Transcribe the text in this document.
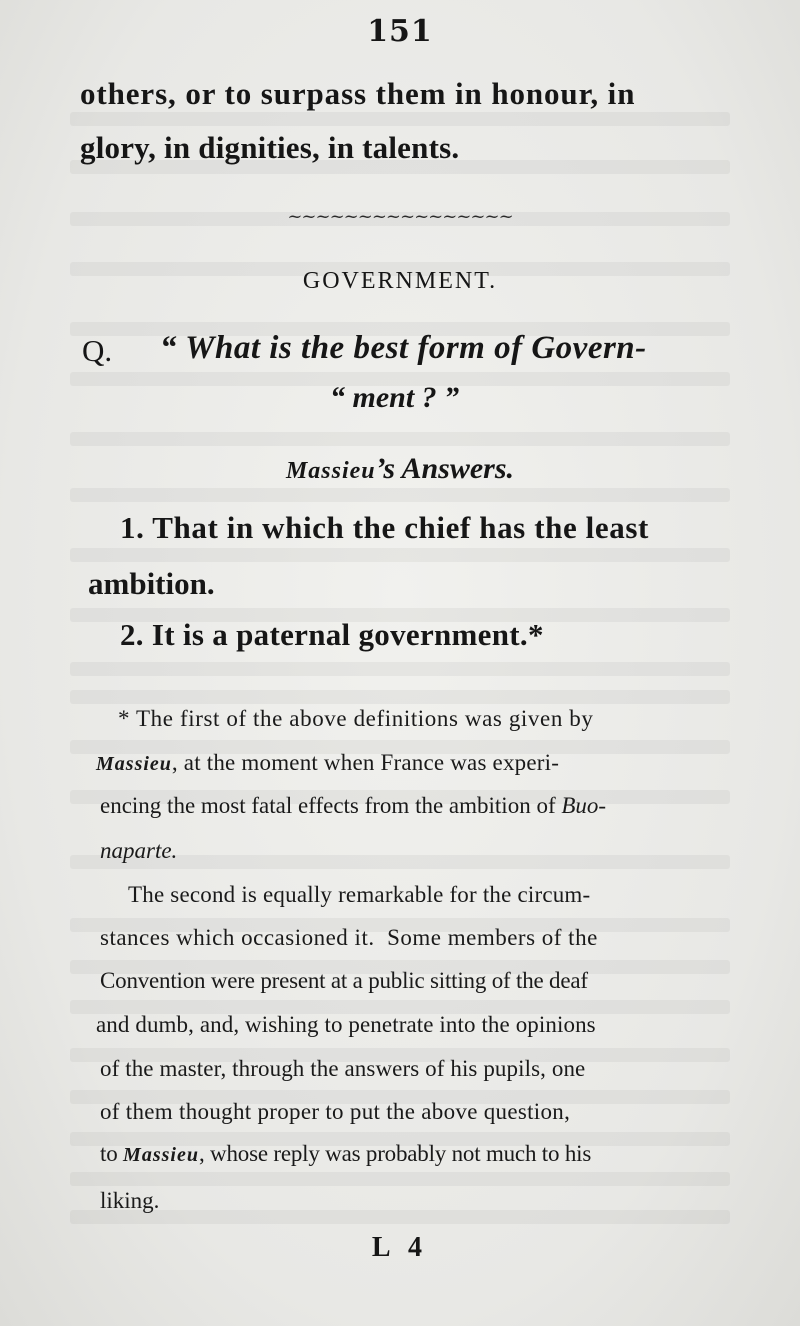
151
others, or to surpass them in honour, in
glory, in dignities, in talents.
~~~~~~~~~~~~~~~~
GOVERNMENT.
Q. “ What is the best form of Govern-
“ ment ? ”
Massieu’s Answers.
1. That in which the chief has the least
ambition.
2. It is a paternal government.*
* The first of the above definitions was given by
Massieu, at the moment when France was experi-
encing the most fatal effects from the ambition of Buo-
naparte.
The second is equally remarkable for the circum-
stances which occasioned it.  Some members of the
Convention were present at a public sitting of the deaf
and dumb, and, wishing to penetrate into the opinions
of the master, through the answers of his pupils, one
of them thought proper to put the above question,
to Massieu, whose reply was probably not much to his
liking.
L 4
